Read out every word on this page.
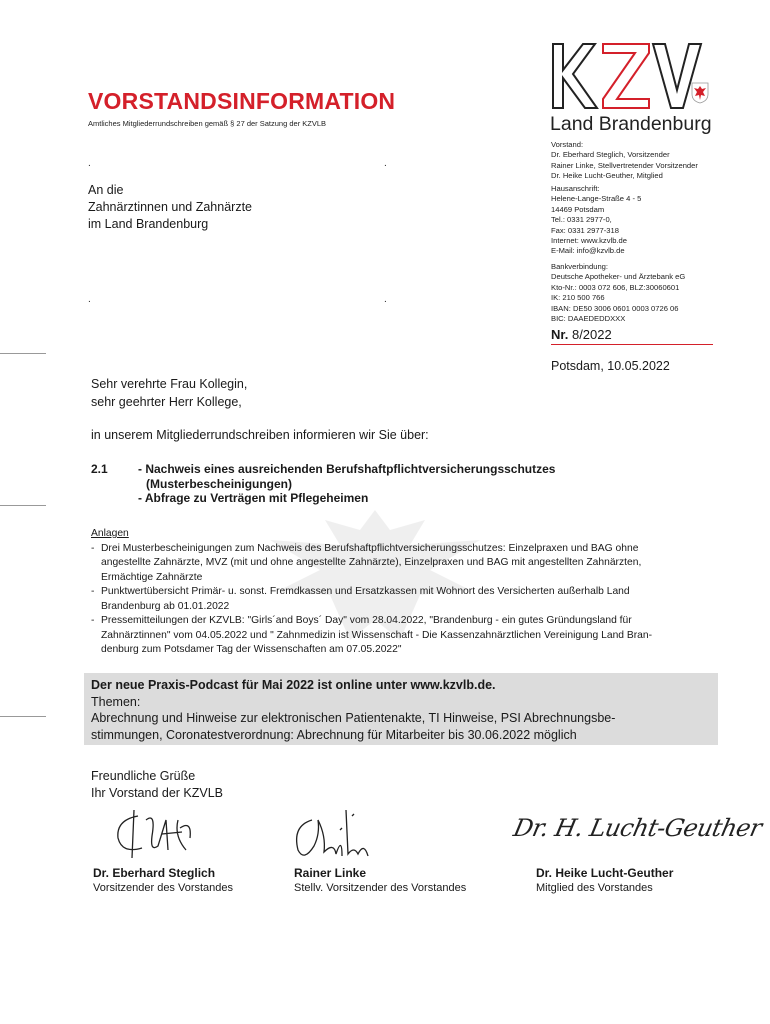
VORSTANDSINFORMATION
Amtliches Mitgliederrundschreiben gemäß § 27 der Satzung der KZVLB	Land Brandenburg
.	.
.	.
An die
Zahnärztinnen und Zahnärzte
im Land Brandenburg
Vorstand:
Dr. Eberhard Steglich, Vorsitzender
Rainer Linke, Stellvertretender Vorsitzender
Dr. Heike Lucht-Geuther, Mitglied
Hausanschrift:
Helene-Lange-Straße 4 - 5
14469 Potsdam
Tel.: 0331 2977-0,
Fax: 0331 2977-318
Internet: www.kzvlb.de
E-Mail: info@kzvlb.de
Bankverbindung:
Deutsche Apotheker- und Ärztebank eG
Kto-Nr.: 0003 072 606, BLZ:30060601
IK: 210 500 766
IBAN: DE50 3006 0601 0003 0726 06
BIC: DAAEDEDDXXX
Nr. 8/2022
Potsdam, 10.05.2022
Sehr verehrte Frau Kollegin,
sehr geehrter Herr Kollege,
in unserem Mitgliederrundschreiben informieren wir Sie über:
2.1	- Nachweis eines ausreichenden Berufshaftpflichtversicherungsschutzes
(Musterbescheinigungen)
- Abfrage zu Verträgen mit Pflegeheimen
Anlagen
- Drei Musterbescheinigungen zum Nachweis des Berufshaftpflichtversicherungsschutzes: Einzelpraxen und BAG ohne
angestellte Zahnärzte, MVZ (mit und ohne angestellte Zahnärzte), Einzelpraxen und BAG mit angestellten Zahnärzten,
Ermächtige Zahnärzte
- Punktwertübersicht Primär- u. sonst. Fremdkassen und Ersatzkassen mit Wohnort des Versicherten außerhalb Land
Brandenburg ab 01.01.2022
- Pressemitteilungen der KZVLB: "Girls´and Boys´ Day" vom 28.04.2022, "Brandenburg - ein gutes Gründungsland für
Zahnärztinnen" vom 04.05.2022 und " Zahnmedizin ist Wissenschaft - Die Kassenzahnärztlichen Vereinigung Land Bran-
denburg zum Potsdamer Tag der Wissenschaften am 07.05.2022"
Der neue Praxis-Podcast für Mai 2022 ist online unter www.kzvlb.de.
Themen:
Abrechnung und Hinweise zur elektronischen Patientenakte, TI Hinweise, PSI Abrechnungsbe-
stimmungen, Coronatestverordnung: Abrechnung für Mitarbeiter bis 30.06.2022 möglich
Freundliche Grüße
Ihr Vorstand der KZVLB
Dr. H. Lucht-Geuther
Dr. Eberhard Steglich
Vorsitzender des Vorstandes
Rainer Linke
Stellv. Vorsitzender des Vorstandes
Dr. Heike Lucht-Geuther
Mitglied des Vorstandes
